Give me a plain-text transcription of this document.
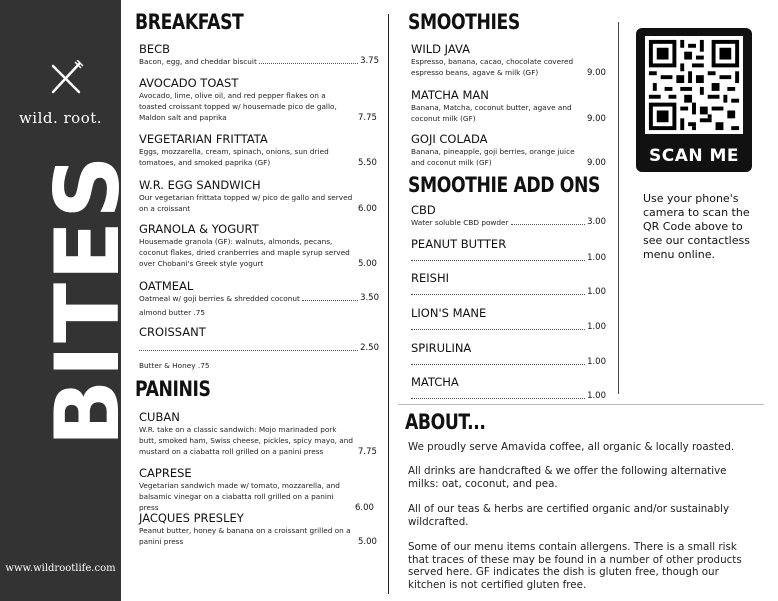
wild. root.
BITES
www.wildrootlife.com
BREAKFAST
BECB
Bacon, egg, and cheddar biscuit	3.75
AVOCADO TOAST
Avocado, lime, olive oil, and red pepper flakes on a toasted croissant topped w/ housemade pico de gallo, Maldon salt and paprika	7.75
VEGETARIAN FRITTATA
Eggs, mozzarella, cream, spinach, onions, sun dried tomatoes, and smoked paprika (GF)	5.50
W.R. EGG SANDWICH
Our vegetarian frittata topped w/ pico de gallo and served on a croissant	6.00
GRANOLA & YOGURT
Housemade granola (GF): walnuts, almonds, pecans, coconut flakes, dried cranberries and maple syrup served over Chobani's Greek style yogurt	5.00
OATMEAL
Oatmeal w/ goji berries & shredded coconut	3.50
almond butter .75
CROISSANT
2.50
Butter & Honey .75
PANINIS
CUBAN
W.R. take on a classic sandwich: Mojo marinaded pork butt, smoked ham, Swiss cheese, pickles, spicy mayo, and mustard on a ciabatta roll grilled on a panini press	7.75
CAPRESE
Vegetarian sandwich made w/ tomato, mozzarella, and balsamic vinegar on a ciabatta roll grilled on a panini press	6.00
JACQUES PRESLEY
Peanut butter, honey & banana on a croissant grilled on a panini press	5.00
SMOOTHIES
WILD JAVA
Espresso, banana, cacao, chocolate covered espresso beans, agave & milk (GF)	9.00
MATCHA MAN
Banana, Matcha, coconut butter, agave and coconut milk (GF)	9.00
GOJI COLADA
Banana, pineapple, goji berries, orange juice and coconut milk (GF)	9.00
SMOOTHIE ADD ONS
CBD
Water soluble CBD powder	3.00
PEANUT BUTTER
1.00
REISHI
1.00
LION'S MANE
1.00
SPIRULINA
1.00
MATCHA
1.00
SCAN ME
Use your phone's camera to scan the QR Code above to see our contactless menu online.
ABOUT...
We proudly serve Amavida coffee, all organic & locally roasted.
All drinks are handcrafted & we offer the following alternative milks: oat, coconut, and pea.
All of our teas & herbs are certified organic and/or sustainably wildcrafted.
Some of our menu items contain allergens. There is a small risk that traces of these may be found in a number of other products served here. GF indicates the dish is gluten free, though our kitchen is not certified gluten free.
